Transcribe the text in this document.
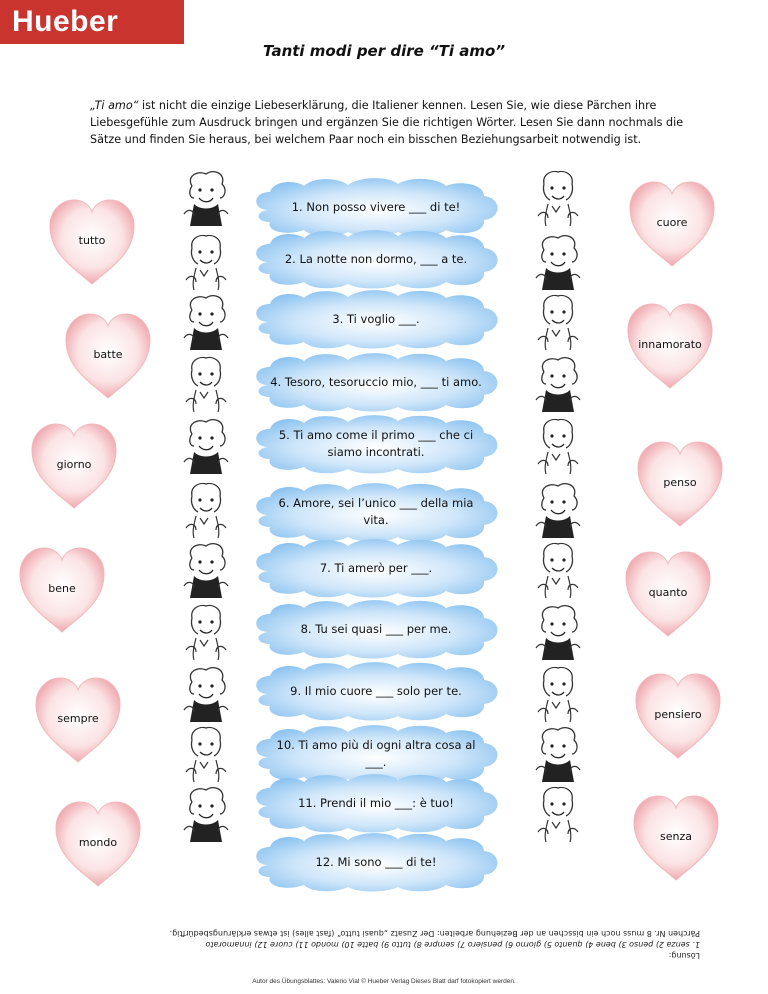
Hueber
Tanti modi per dire “Ti amo”
„Ti amo“ ist nicht die einzige Liebeserklärung, die Italiener kennen. Lesen Sie, wie diese Pärchen ihre Liebesgefühle zum Ausdruck bringen und ergänzen Sie die richtigen Wörter. Lesen Sie dann nochmals die Sätze und finden Sie heraus, bei welchem Paar noch ein bisschen Beziehungsarbeit notwendig ist.
1. Non posso vivere ___ di te!
2. La notte non dormo, ___ a te.
3. Ti voglio ___.
4. Tesoro, tesoruccio mio, ___ ti amo.
5. Ti amo come il primo ___ che ci siamo incontrati.
6. Amore, sei l’unico ___ della mia vita.
7. Ti amerò per ___.
8. Tu sei quasi ___ per me.
9. Il mio cuore ___ solo per te.
10. Ti amo più di ogni altra cosa al ___.
11. Prendi il mio ___: è tuo!
12. Mi sono ___ di te!
tutto
batte
giorno
bene
sempre
mondo
cuore
innamorato
penso
quanto
pensiero
senza
Lösung:
1. senza 2) penso 3) bene 4) quanto 5) giorno 6) pensiero 7) sempre 8) tutto 9) batte 10) mondo 11) cuore 12) innamorato
Pärchen Nr. 8 muss noch ein bisschen an der Beziehung arbeiten: Der Zusatz „quasi tutto“ (fast alles) ist etwas erklärungsbedürftig.
Autor des Übungsblattes: Valerio Vial © Hueber Verlag Dieses Blatt darf fotokopiert werden.
